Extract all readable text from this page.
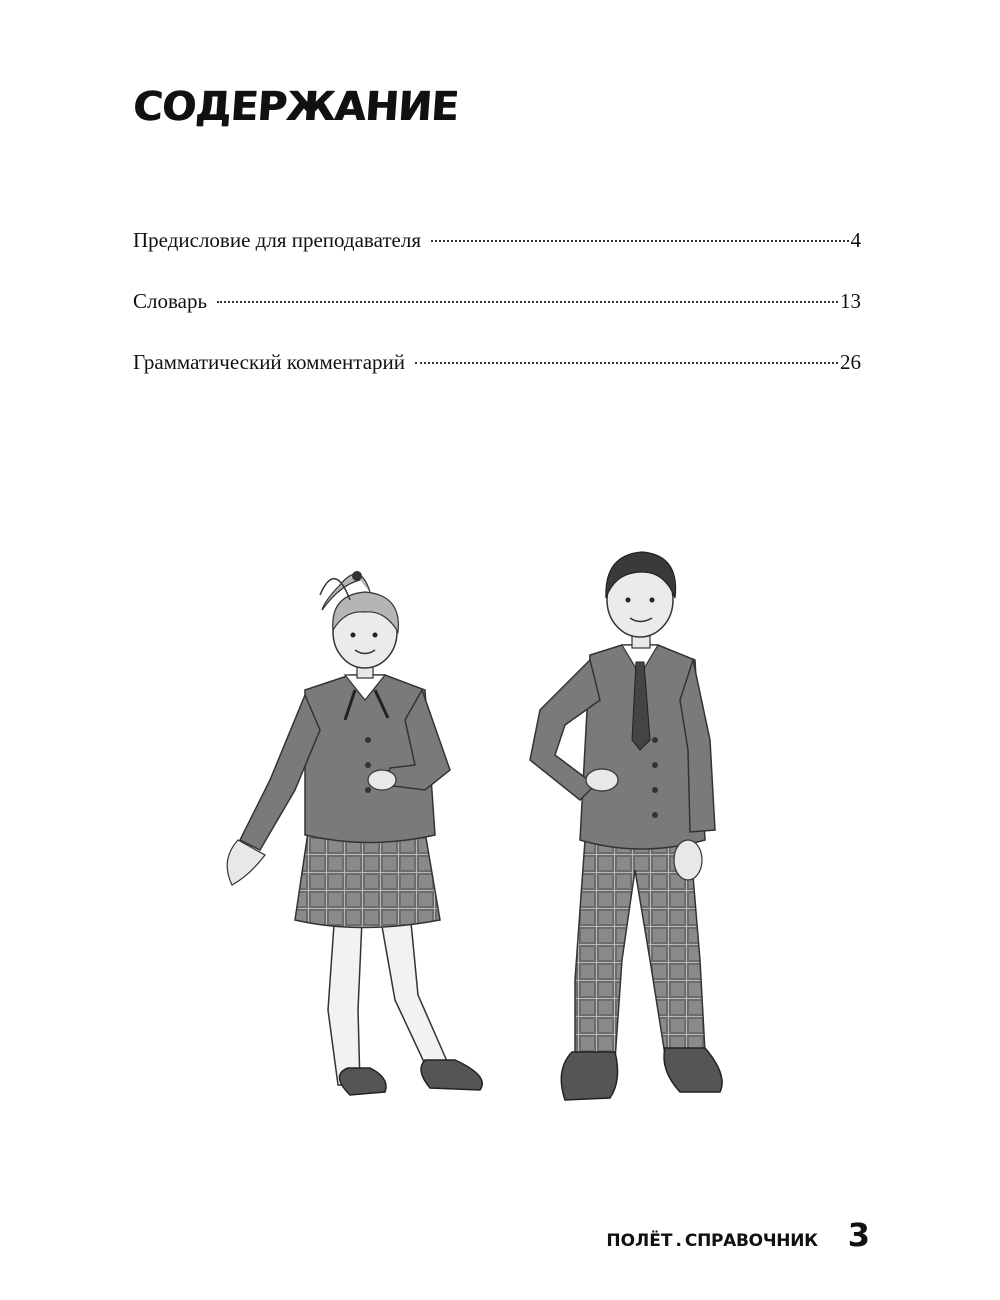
СОДЕРЖАНИЕ
Предисловие для преподавателя	4
Словарь	13
Грамматический комментарий	26
ПОЛЁТ . СПРАВОЧНИК 3
